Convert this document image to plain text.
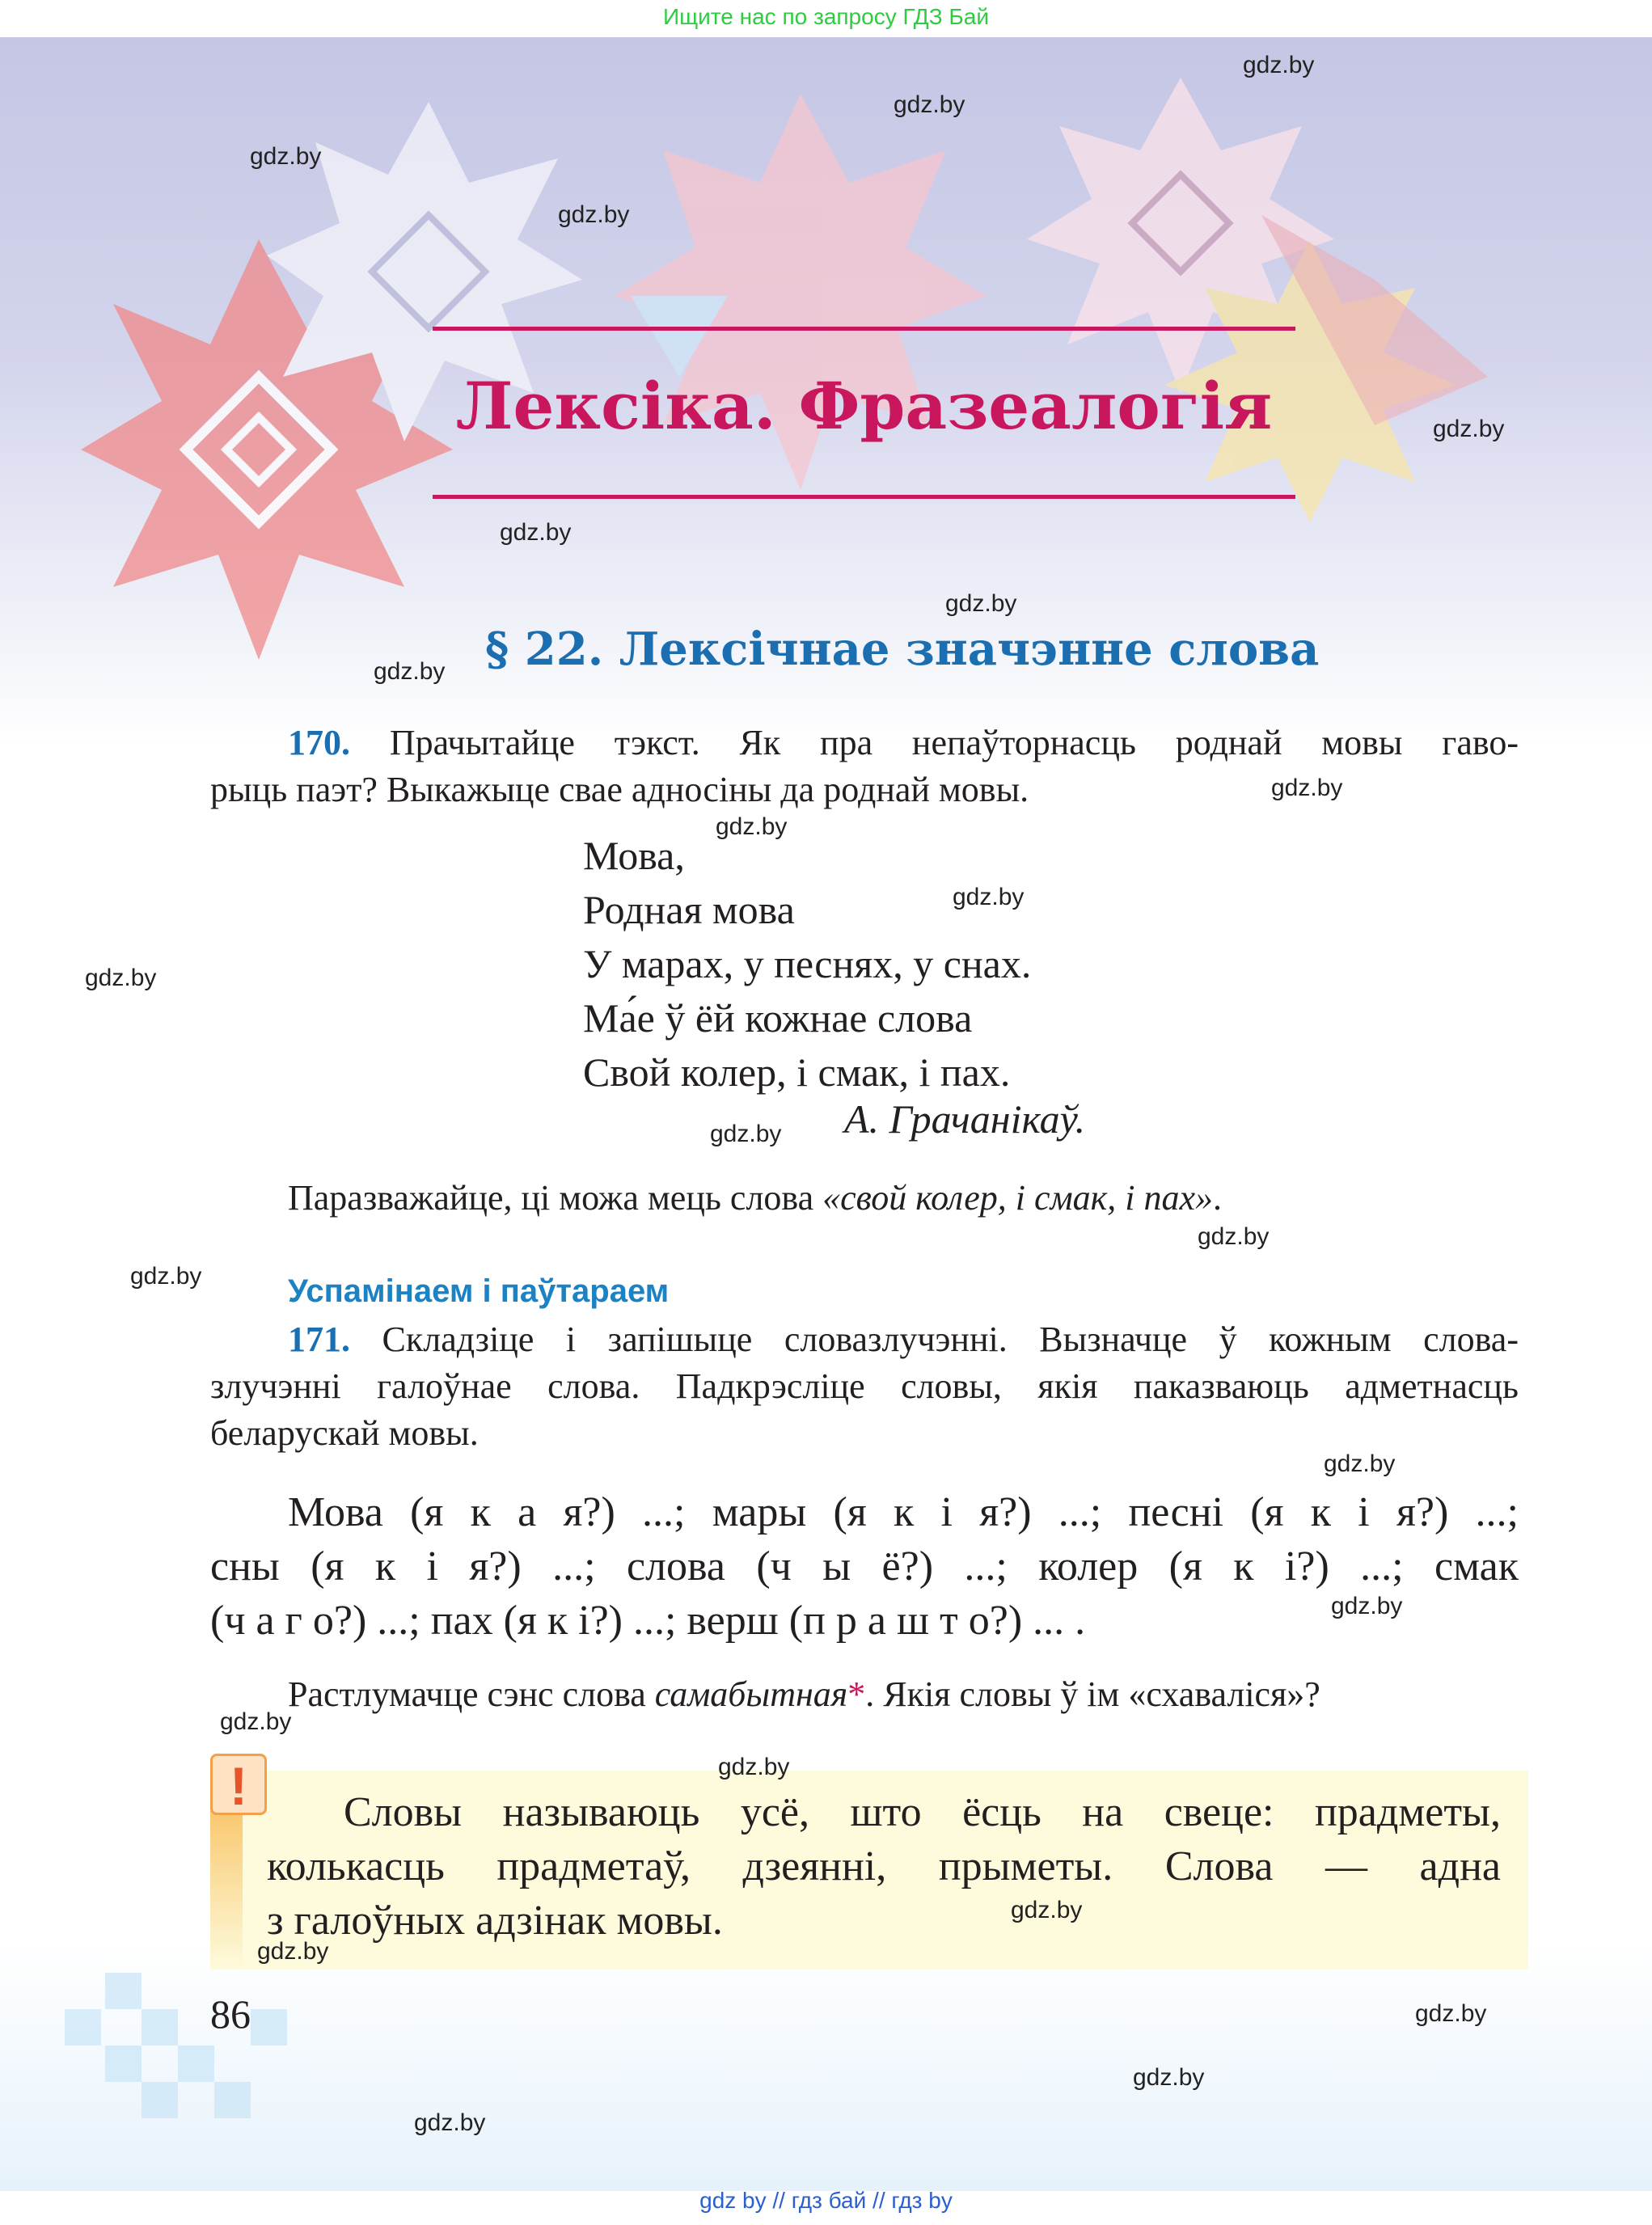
Ищите нас по запросу ГДЗ Бай
Лексіка. Фразеалогія
§ 22. Лексічнае значэнне слова
170. Прачытайце тэкст. Як пра непаўторнасць роднай мовы гаво-
рыць паэт? Выкажыце свае адносіны да роднай мовы.
Мова,
Родная мова
У марах, у песнях, у снах.
Ма́е ў ёй кожнае слова
Свой колер, і смак, і пах.
А. Грачанікаў.
Паразважайце, ці можа мець слова «свой колер, і смак, і пах».
Успамінаем і паўтараем
171. Складзіце і запішыце словазлучэнні. Вызначце ў кожным слова-
злучэнні галоўнае слова. Падкрэсліце словы, якія паказваюць адметнасць
беларускай мовы.
Мова (я к а я?) ...; мары (я к і я?) ...; песні (я к і я?) ...;
сны (я к і я?) ...; слова (ч ы ё?) ...; колер (я к і?) ...; смак
(ч а г о?) ...; пах (я к і?) ...; верш (п р а ш т о?) ... .
Растлумачце сэнс слова самабытная*. Якія словы ў ім «схаваліся»?
!	Словы называюць усё, што ёсць на свеце: прадметы,
колькасць прадметаў, дзеянні, прыметы. Слова — адна
з галоўных адзінак мовы.
86
gdz.by
gdz.by
gdz.by
gdz.by
gdz.by
gdz.by
gdz.by
gdz.by
gdz.by
gdz.by
gdz.by
gdz.by
gdz.by
gdz.by
gdz.by
gdz.by
gdz.by
gdz.by
gdz.by
gdz.by
gdz.by
gdz.by
gdz.by
gdz.by
gdz by // гдз бай // гдз by
